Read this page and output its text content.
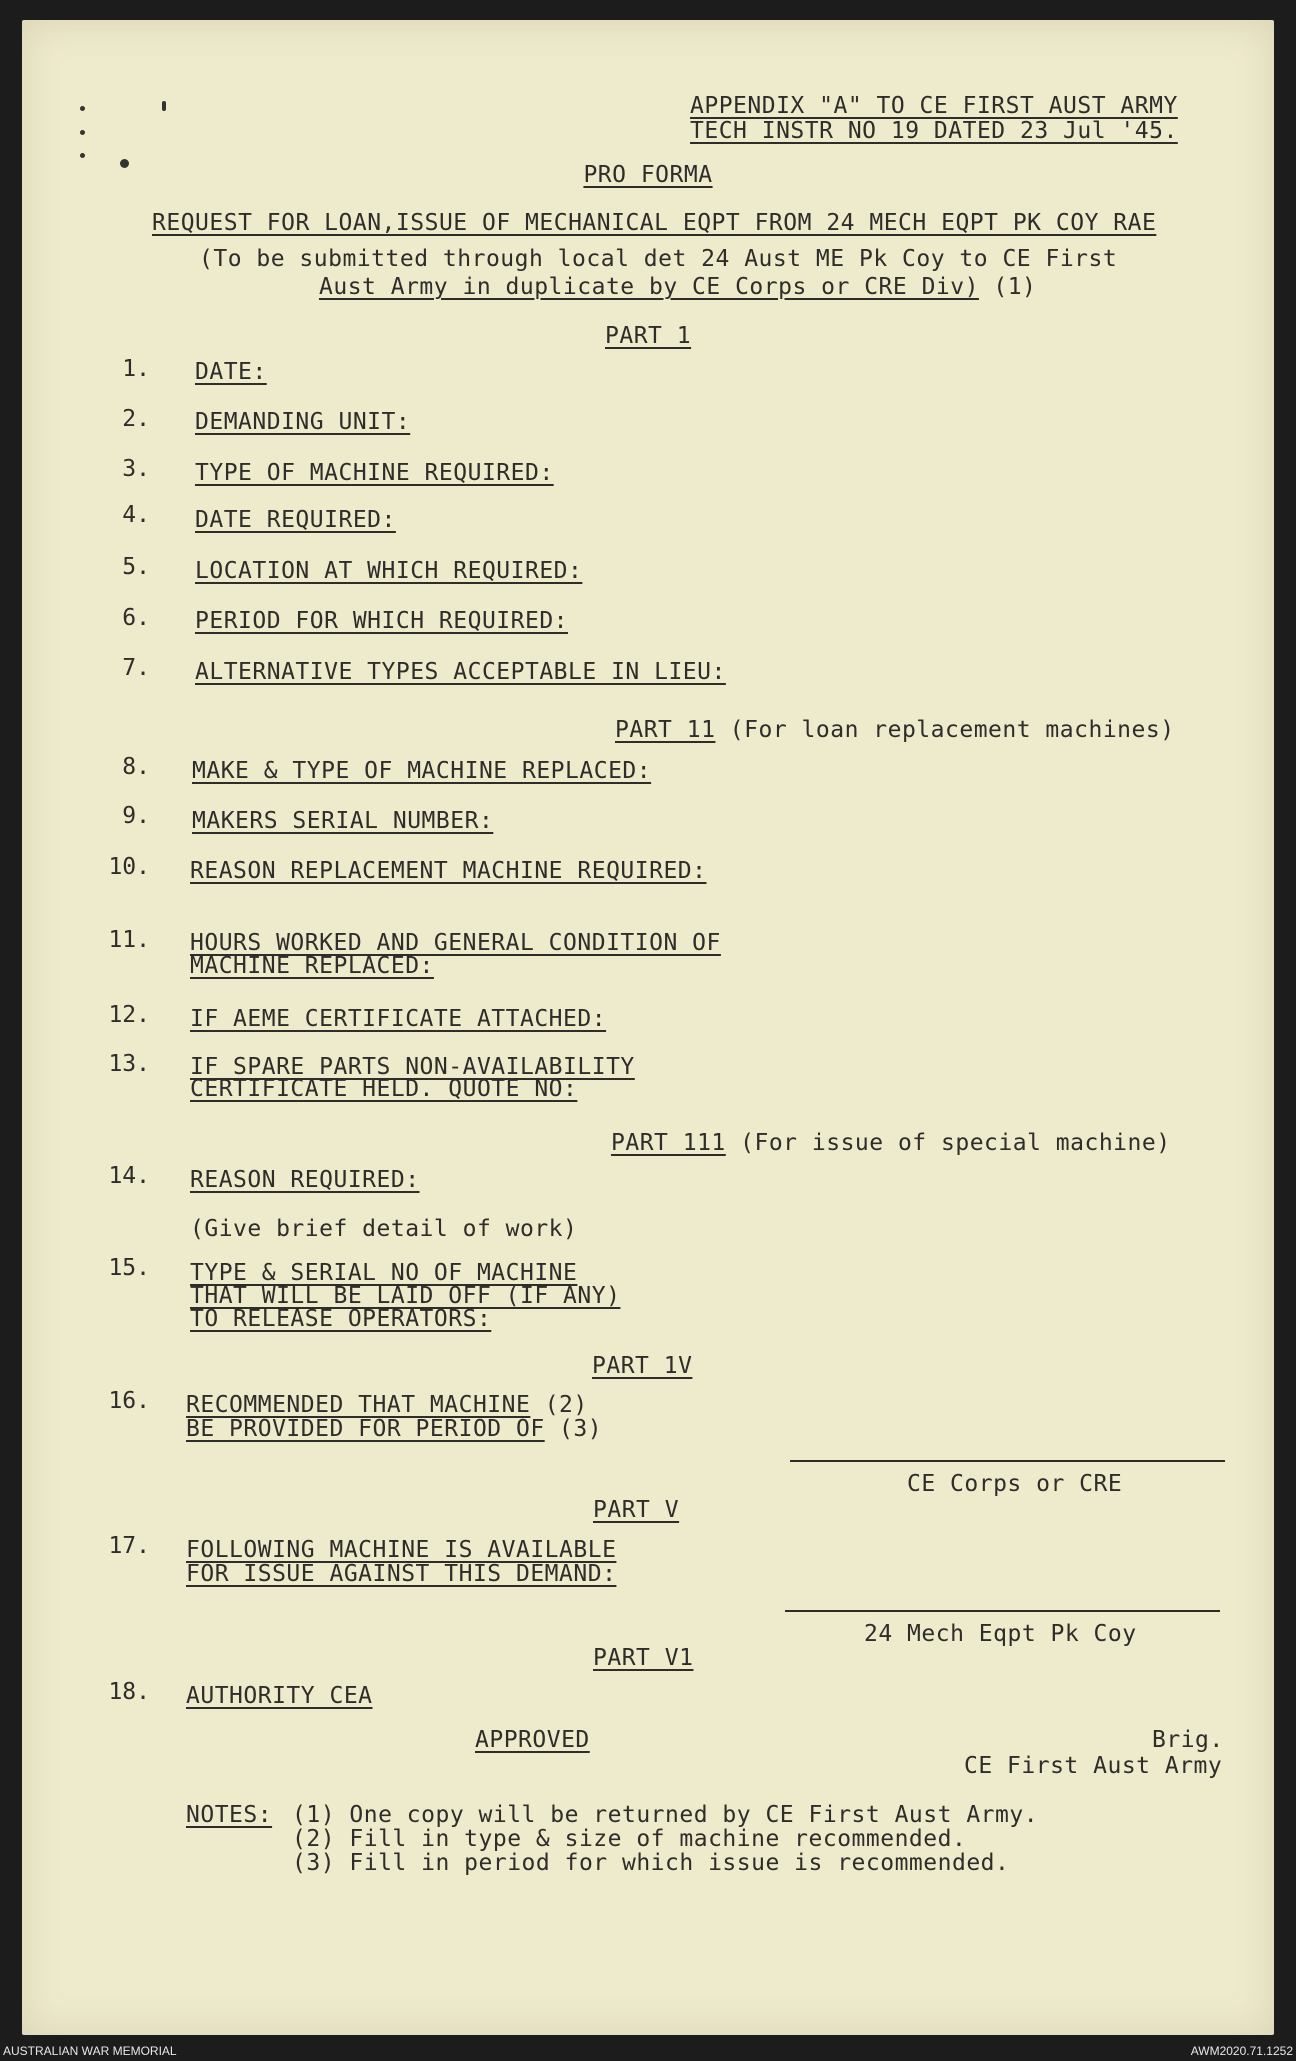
APPENDIX "A" TO CE FIRST AUST ARMY
TECH INSTR NO 19 DATED 23 Jul '45.
PRO FORMA
REQUEST FOR LOAN,ISSUE OF MECHANICAL EQPT FROM 24 MECH EQPT PK COY RAE
(To be submitted through local det 24 Aust ME Pk Coy to CE First
Aust Army in duplicate by CE Corps or CRE Div) (1)
PART 1
1. DATE:
2. DEMANDING UNIT:
3. TYPE OF MACHINE REQUIRED:
4. DATE REQUIRED:
5. LOCATION AT WHICH REQUIRED:
6. PERIOD FOR WHICH REQUIRED:
7. ALTERNATIVE TYPES ACCEPTABLE IN LIEU:
PART 11 (For loan replacement machines)
8. MAKE & TYPE OF MACHINE REPLACED:
9. MAKERS SERIAL NUMBER:
10. REASON REPLACEMENT MACHINE REQUIRED:
11. HOURS WORKED AND GENERAL CONDITION OF
MACHINE REPLACED:
12. IF AEME CERTIFICATE ATTACHED:
13. IF SPARE PARTS NON-AVAILABILITY
CERTIFICATE HELD. QUOTE NO:
PART 111 (For issue of special machine)
14. REASON REQUIRED:
(Give brief detail of work)
15. TYPE & SERIAL NO OF MACHINE
THAT WILL BE LAID OFF (IF ANY)
TO RELEASE OPERATORS:
PART 1V
16. RECOMMENDED THAT MACHINE (2)
BE PROVIDED FOR PERIOD OF (3)
CE Corps or CRE
PART V
17. FOLLOWING MACHINE IS AVAILABLE
FOR ISSUE AGAINST THIS DEMAND:
24 Mech Eqpt Pk Coy
PART V1
18. AUTHORITY CEA
APPROVED	Brig.
CE First Aust Army
NOTES: (1) One copy will be returned by CE First Aust Army.
(2) Fill in type & size of machine recommended.
(3) Fill in period for which issue is recommended.
AUSTRALIAN WAR MEMORIAL	AWM2020.71.1252
